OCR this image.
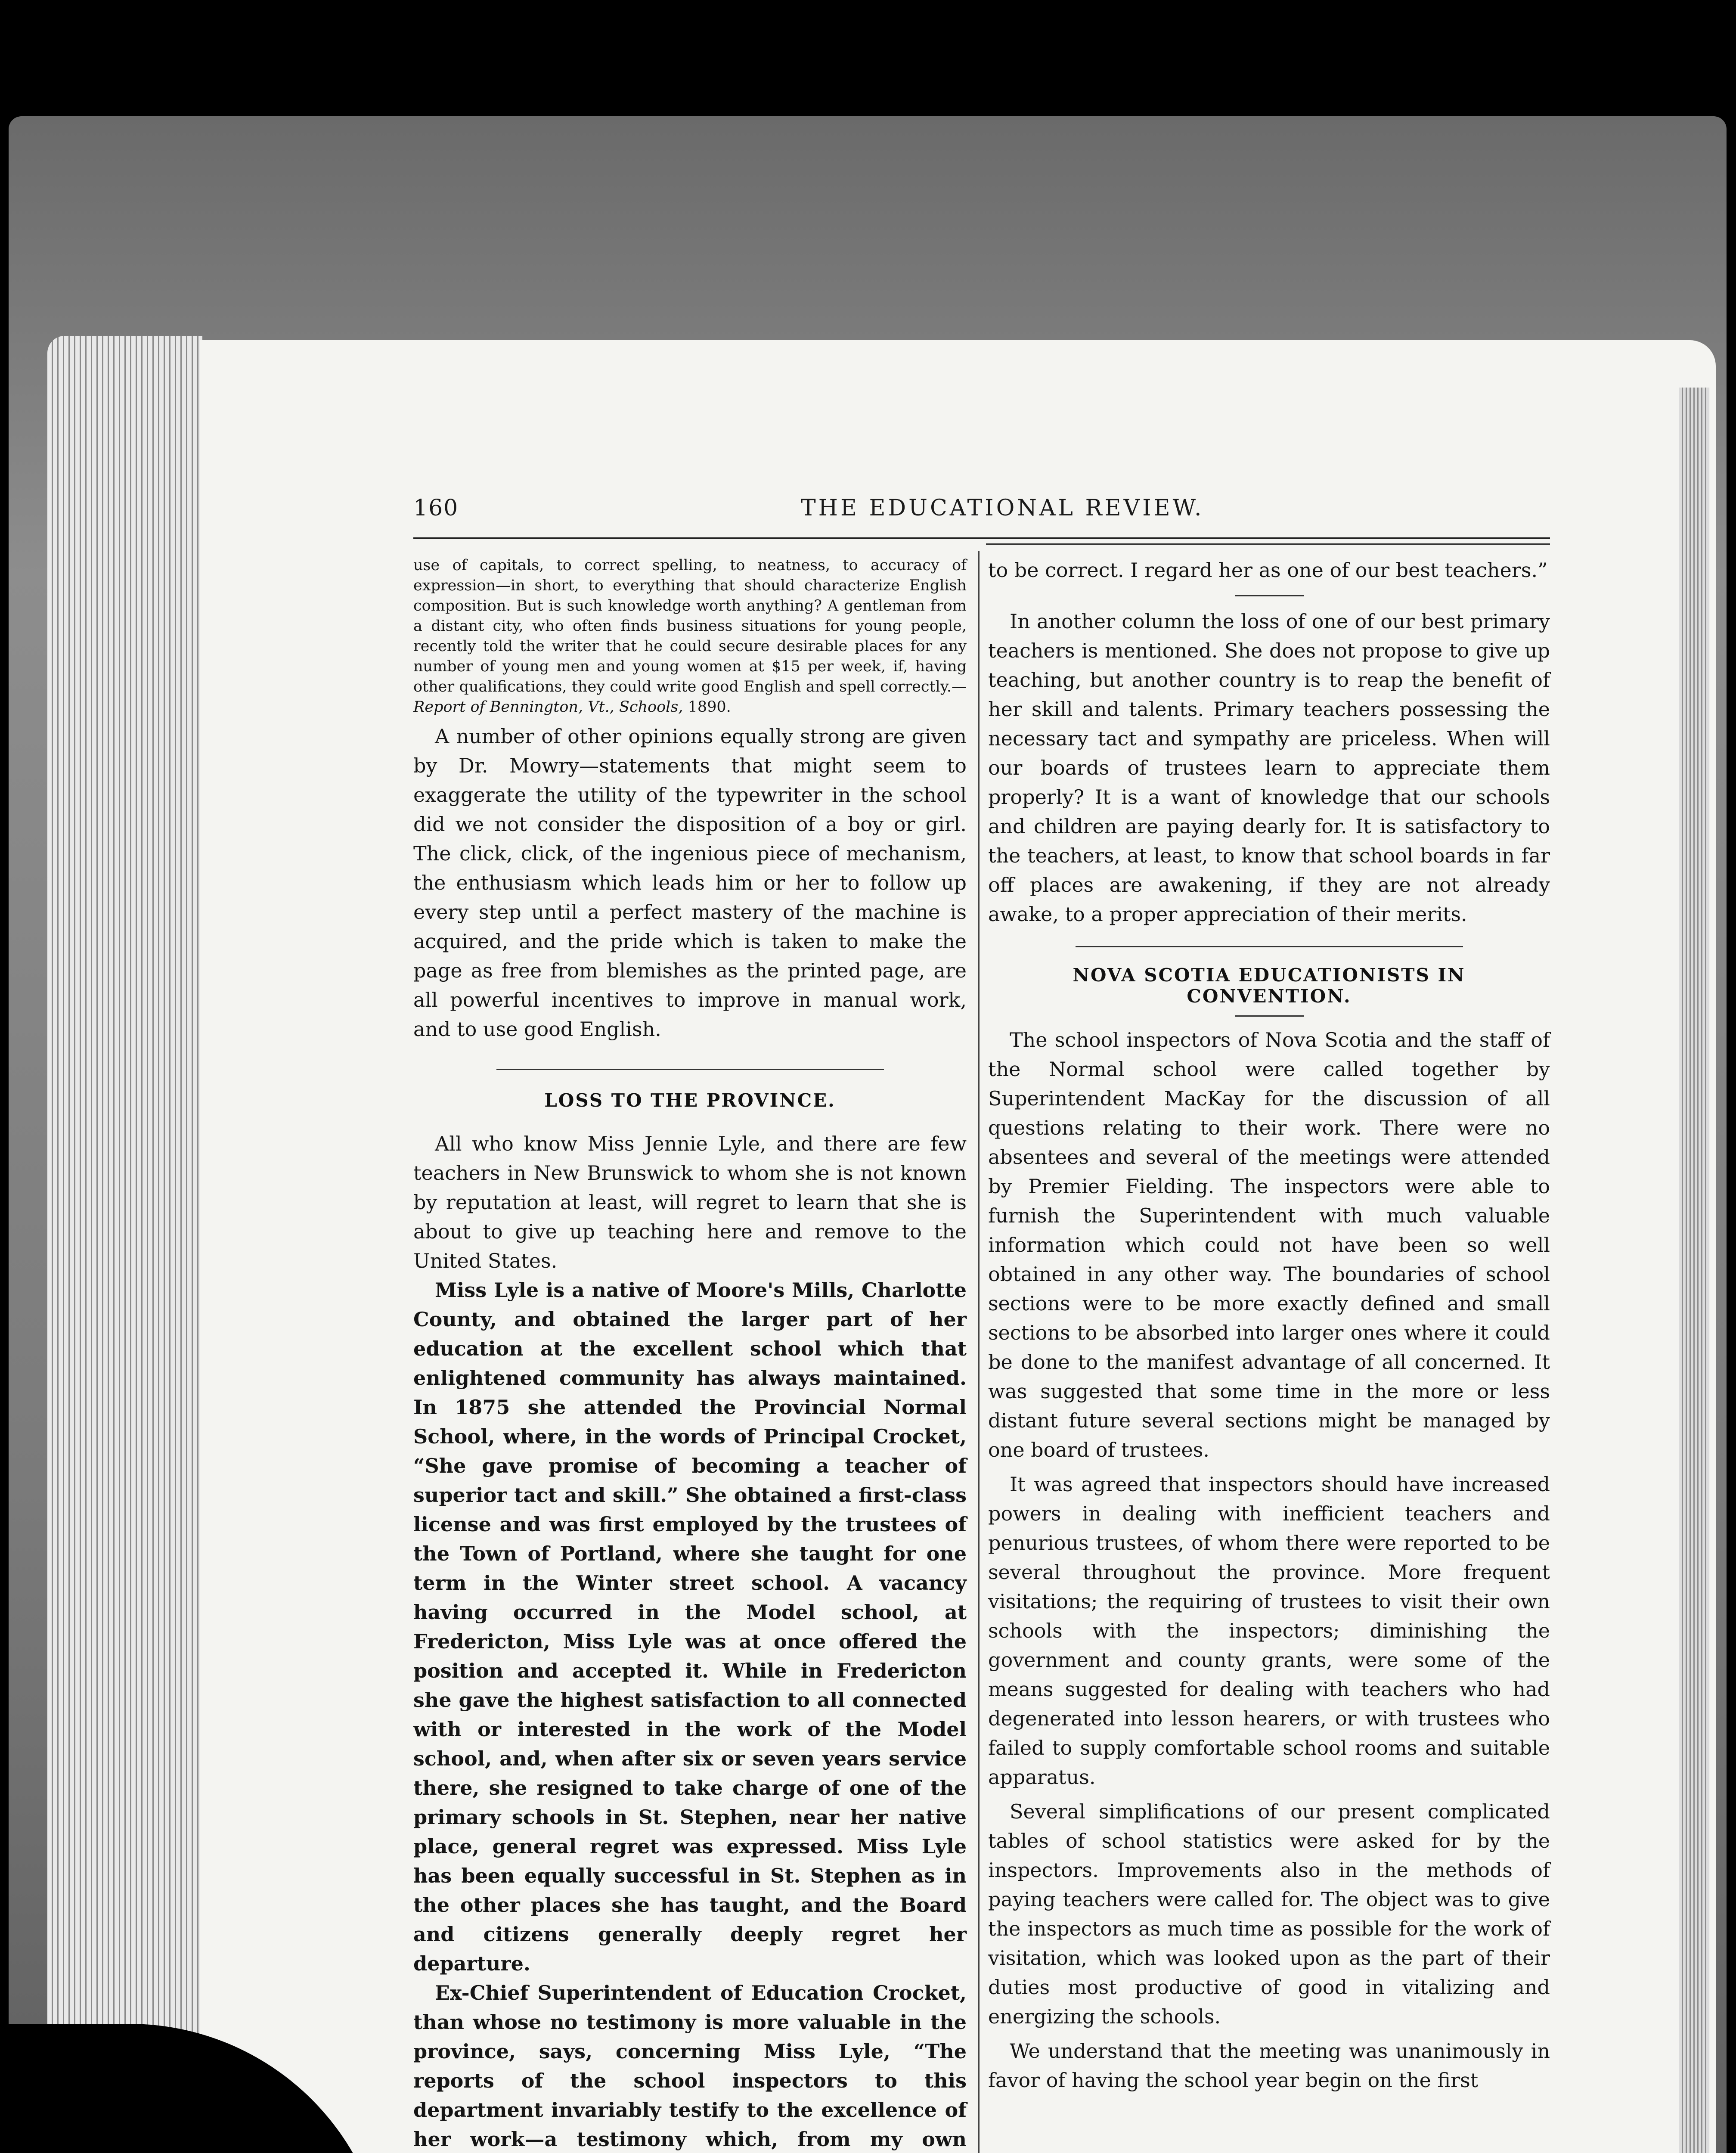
160	THE EDUCATIONAL REVIEW.

use of capitals, to correct spelling, to neatness, to accuracy of expression—in short, to everything that should characterize English composition. But is such knowledge worth anything? A gentleman from a distant city, who often finds business situations for young people, recently told the writer that he could secure desirable places for any number of young men and young women at $15 per week, if, having other qualifications, they could write good English and spell correctly.—Report of Bennington, Vt., Schools, 1890.

A number of other opinions equally strong are given by Dr. Mowry—statements that might seem to exaggerate the utility of the typewriter in the school did we not consider the disposition of a boy or girl. The click, click, of the ingenious piece of mechanism, the enthusiasm which leads him or her to follow up every step until a perfect mastery of the machine is acquired, and the pride which is taken to make the page as free from blemishes as the printed page, are all powerful incentives to improve in manual work, and to use good English.

LOSS TO THE PROVINCE.

All who know Miss Jennie Lyle, and there are few teachers in New Brunswick to whom she is not known by reputation at least, will regret to learn that she is about to give up teaching here and remove to the United States.

Miss Lyle is a native of Moore's Mills, Charlotte County, and obtained the larger part of her education at the excellent school which that enlightened community has always maintained. In 1875 she attended the Provincial Normal School, where, in the words of Principal Crocket, “She gave promise of becoming a teacher of superior tact and skill.” She obtained a first-class license and was first employed by the trustees of the Town of Portland, where she taught for one term in the Winter street school. A vacancy having occurred in the Model school, at Fredericton, Miss Lyle was at once offered the position and accepted it. While in Fredericton she gave the highest satisfaction to all connected with or interested in the work of the Model school, and, when after six or seven years service there, she resigned to take charge of one of the primary schools in St. Stephen, near her native place, general regret was expressed. Miss Lyle has been equally successful in St. Stephen as in the other places she has taught, and the Board and citizens generally deeply regret her departure.

Ex-Chief Superintendent of Education Crocket, than whose no testimony is more valuable in the province, says, concerning Miss Lyle, “The reports of the school inspectors to this department invariably testify to the excellence of her work—a testimony which, from my own

to be correct. I regard her as one of our best teachers.”

In another column the loss of one of our best primary teachers is mentioned. She does not propose to give up teaching, but another country is to reap the benefit of her skill and talents. Primary teachers possessing the necessary tact and sympathy are priceless. When will our boards of trustees learn to appreciate them properly? It is a want of knowledge that our schools and children are paying dearly for. It is satisfactory to the teachers, at least, to know that school boards in far off places are awakening, if they are not already awake, to a proper appreciation of their merits.

NOVA SCOTIA EDUCATIONISTS IN CONVENTION.

The school inspectors of Nova Scotia and the staff of the Normal school were called together by Superintendent MacKay for the discussion of all questions relating to their work. There were no absentees and several of the meetings were attended by Premier Fielding. The inspectors were able to furnish the Superintendent with much valuable information which could not have been so well obtained in any other way. The boundaries of school sections were to be more exactly defined and small sections to be absorbed into larger ones where it could be done to the manifest advantage of all concerned. It was suggested that some time in the more or less distant future several sections might be managed by one board of trustees.

It was agreed that inspectors should have increased powers in dealing with inefficient teachers and penurious trustees, of whom there were reported to be several throughout the province. More frequent visitations; the requiring of trustees to visit their own schools with the inspectors; diminishing the government and county grants, were some of the means suggested for dealing with teachers who had degenerated into lesson hearers, or with trustees who failed to supply comfortable school rooms and suitable apparatus.

Several simplifications of our present complicated tables of school statistics were asked for by the inspectors. Improvements also in the methods of paying teachers were called for. The object was to give the inspectors as much time as possible for the work of visitation, which was looked upon as the part of their duties most productive of good in vitalizing and energizing the schools.

We understand that the meeting was unanimously in favor of having the school year begin on the first
